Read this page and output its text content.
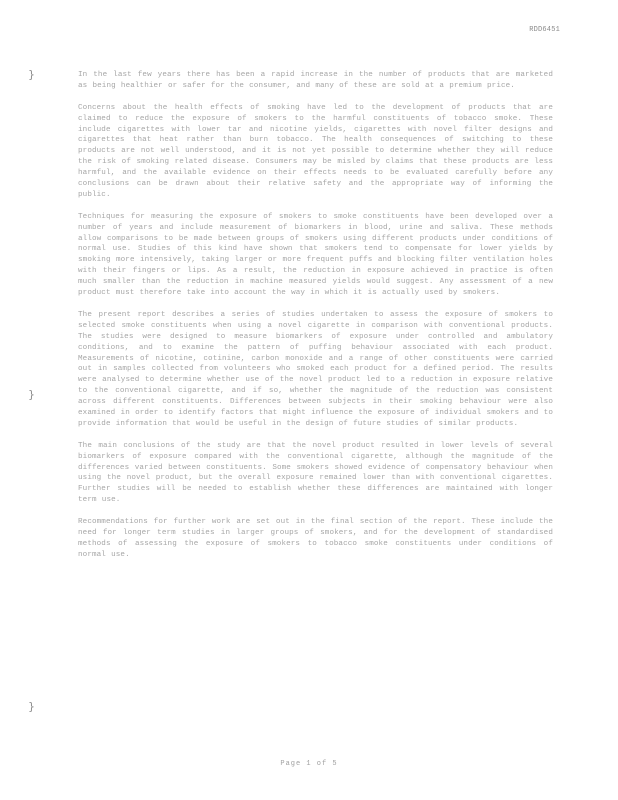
RDD6451
}
}
}

In the last few years there has been a rapid increase in the number of products that are marketed as being healthier or safer for the consumer, and many of these are sold at a premium price.

Concerns about the health effects of smoking have led to the development of products that are claimed to reduce the exposure of smokers to the harmful constituents of tobacco smoke. These include cigarettes with lower tar and nicotine yields, cigarettes with novel filter designs and cigarettes that heat rather than burn tobacco. The health consequences of switching to these products are not well understood, and it is not yet possible to determine whether they will reduce the risk of smoking related disease. Consumers may be misled by claims that these products are less harmful, and the available evidence on their effects needs to be evaluated carefully before any conclusions can be drawn about their relative safety and the appropriate way of informing the public.

Techniques for measuring the exposure of smokers to smoke constituents have been developed over a number of years and include measurement of biomarkers in blood, urine and saliva. These methods allow comparisons to be made between groups of smokers using different products under conditions of normal use. Studies of this kind have shown that smokers tend to compensate for lower yields by smoking more intensively, taking larger or more frequent puffs and blocking filter ventilation holes with their fingers or lips. As a result, the reduction in exposure achieved in practice is often much smaller than the reduction in machine measured yields would suggest. Any assessment of a new product must therefore take into account the way in which it is actually used by smokers.

The present report describes a series of studies undertaken to assess the exposure of smokers to selected smoke constituents when using a novel cigarette in comparison with conventional products. The studies were designed to measure biomarkers of exposure under controlled and ambulatory conditions, and to examine the pattern of puffing behaviour associated with each product. Measurements of nicotine, cotinine, carbon monoxide and a range of other constituents were carried out in samples collected from volunteers who smoked each product for a defined period. The results were analysed to determine whether use of the novel product led to a reduction in exposure relative to the conventional cigarette, and if so, whether the magnitude of the reduction was consistent across different constituents. Differences between subjects in their smoking behaviour were also examined in order to identify factors that might influence the exposure of individual smokers and to provide information that would be useful in the design of future studies of similar products.

The main conclusions of the study are that the novel product resulted in lower levels of several biomarkers of exposure compared with the conventional cigarette, although the magnitude of the differences varied between constituents. Some smokers showed evidence of compensatory behaviour when using the novel product, but the overall exposure remained lower than with conventional cigarettes. Further studies will be needed to establish whether these differences are maintained with longer term use.

Recommendations for further work are set out in the final section of the report. These include the need for longer term studies in larger groups of smokers, and for the development of standardised methods of assessing the exposure of smokers to tobacco smoke constituents under conditions of normal use.

Page 1 of 5
